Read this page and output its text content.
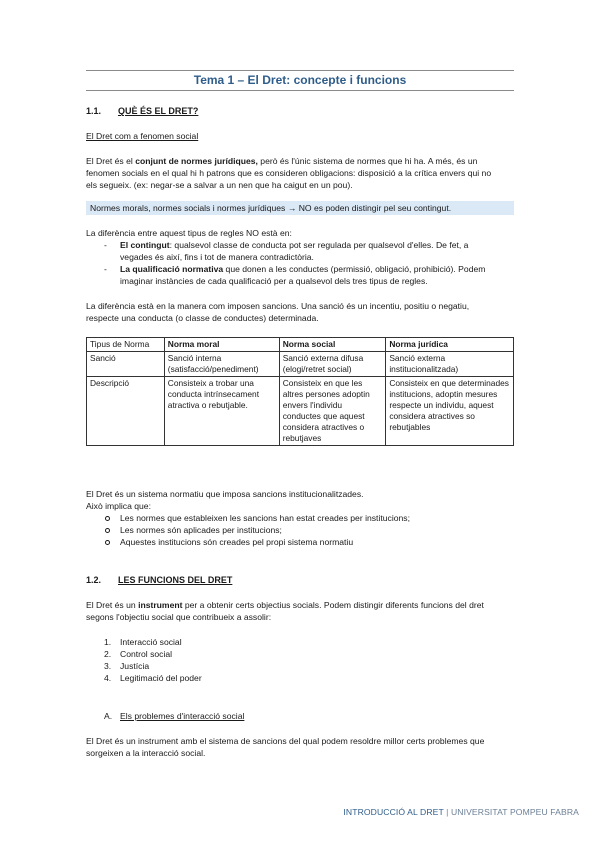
Tema 1 – El Dret: concepte i funcions
1.1. QUÈ ÉS EL DRET?
El Dret com a fenomen social
El Dret és el conjunt de normes jurídiques, però és l'únic sistema de normes que hi ha. A més, és un
fenomen socials en el qual hi h patrons que es consideren obligacions: disposició a la crítica envers qui no
els segueix. (ex: negar-se a salvar a un nen que ha caigut en un pou).
Normes morals, normes socials i normes jurídiques → NO es poden distingir pel seu contingut.
La diferència entre aquest tipus de regles NO està en:
- El contingut: qualsevol classe de conducta pot ser regulada per qualsevol d'elles. De fet, a
vegades és així, fins i tot de manera contradictòria.
- La qualificació normativa que donen a les conductes (permissió, obligació, prohibició). Podem
imaginar instàncies de cada qualificació per a qualsevol dels tres tipus de regles.
La diferència està en la manera com imposen sancions. Una sanció és un incentiu, positiu o negatiu,
respecte una conducta (o classe de conductes) determinada.
Tipus de Norma	Norma moral	Norma social	Norma jurídica
Sanció	Sanció interna (satisfacció/penediment)	Sanció externa difusa (elogi/retret social)	Sanció externa institucionalitzada)
Descripció	Consisteix a trobar una conducta intrínsecament atractiva o rebutjable.	Consisteix en que les altres persones adoptin envers l'individu conductes que aquest considera atractives o rebutjaves	Consisteix en que determinades institucions, adoptin mesures respecte un individu, aquest considera atractives so rebutjables
El Dret és un sistema normatiu que imposa sancions institucionalitzades.
Això implica que:
Les normes que estableixen les sancions han estat creades per institucions;
Les normes són aplicades per institucions;
Aquestes institucions són creades pel propi sistema normatiu
1.2. LES FUNCIONS DEL DRET
El Dret és un instrument per a obtenir certs objectius socials. Podem distingir diferents funcions del dret
segons l'objectiu social que contribueix a assolir:
1. Interacció social
2. Control social
3. Justícia
4. Legitimació del poder
A. Els problemes d'interacció social
El Dret és un instrument amb el sistema de sancions del qual podem resoldre millor certs problemes que
sorgeixen a la interacció social.
INTRODUCCIÓ AL DRET | UNIVERSITAT POMPEU FABRA
